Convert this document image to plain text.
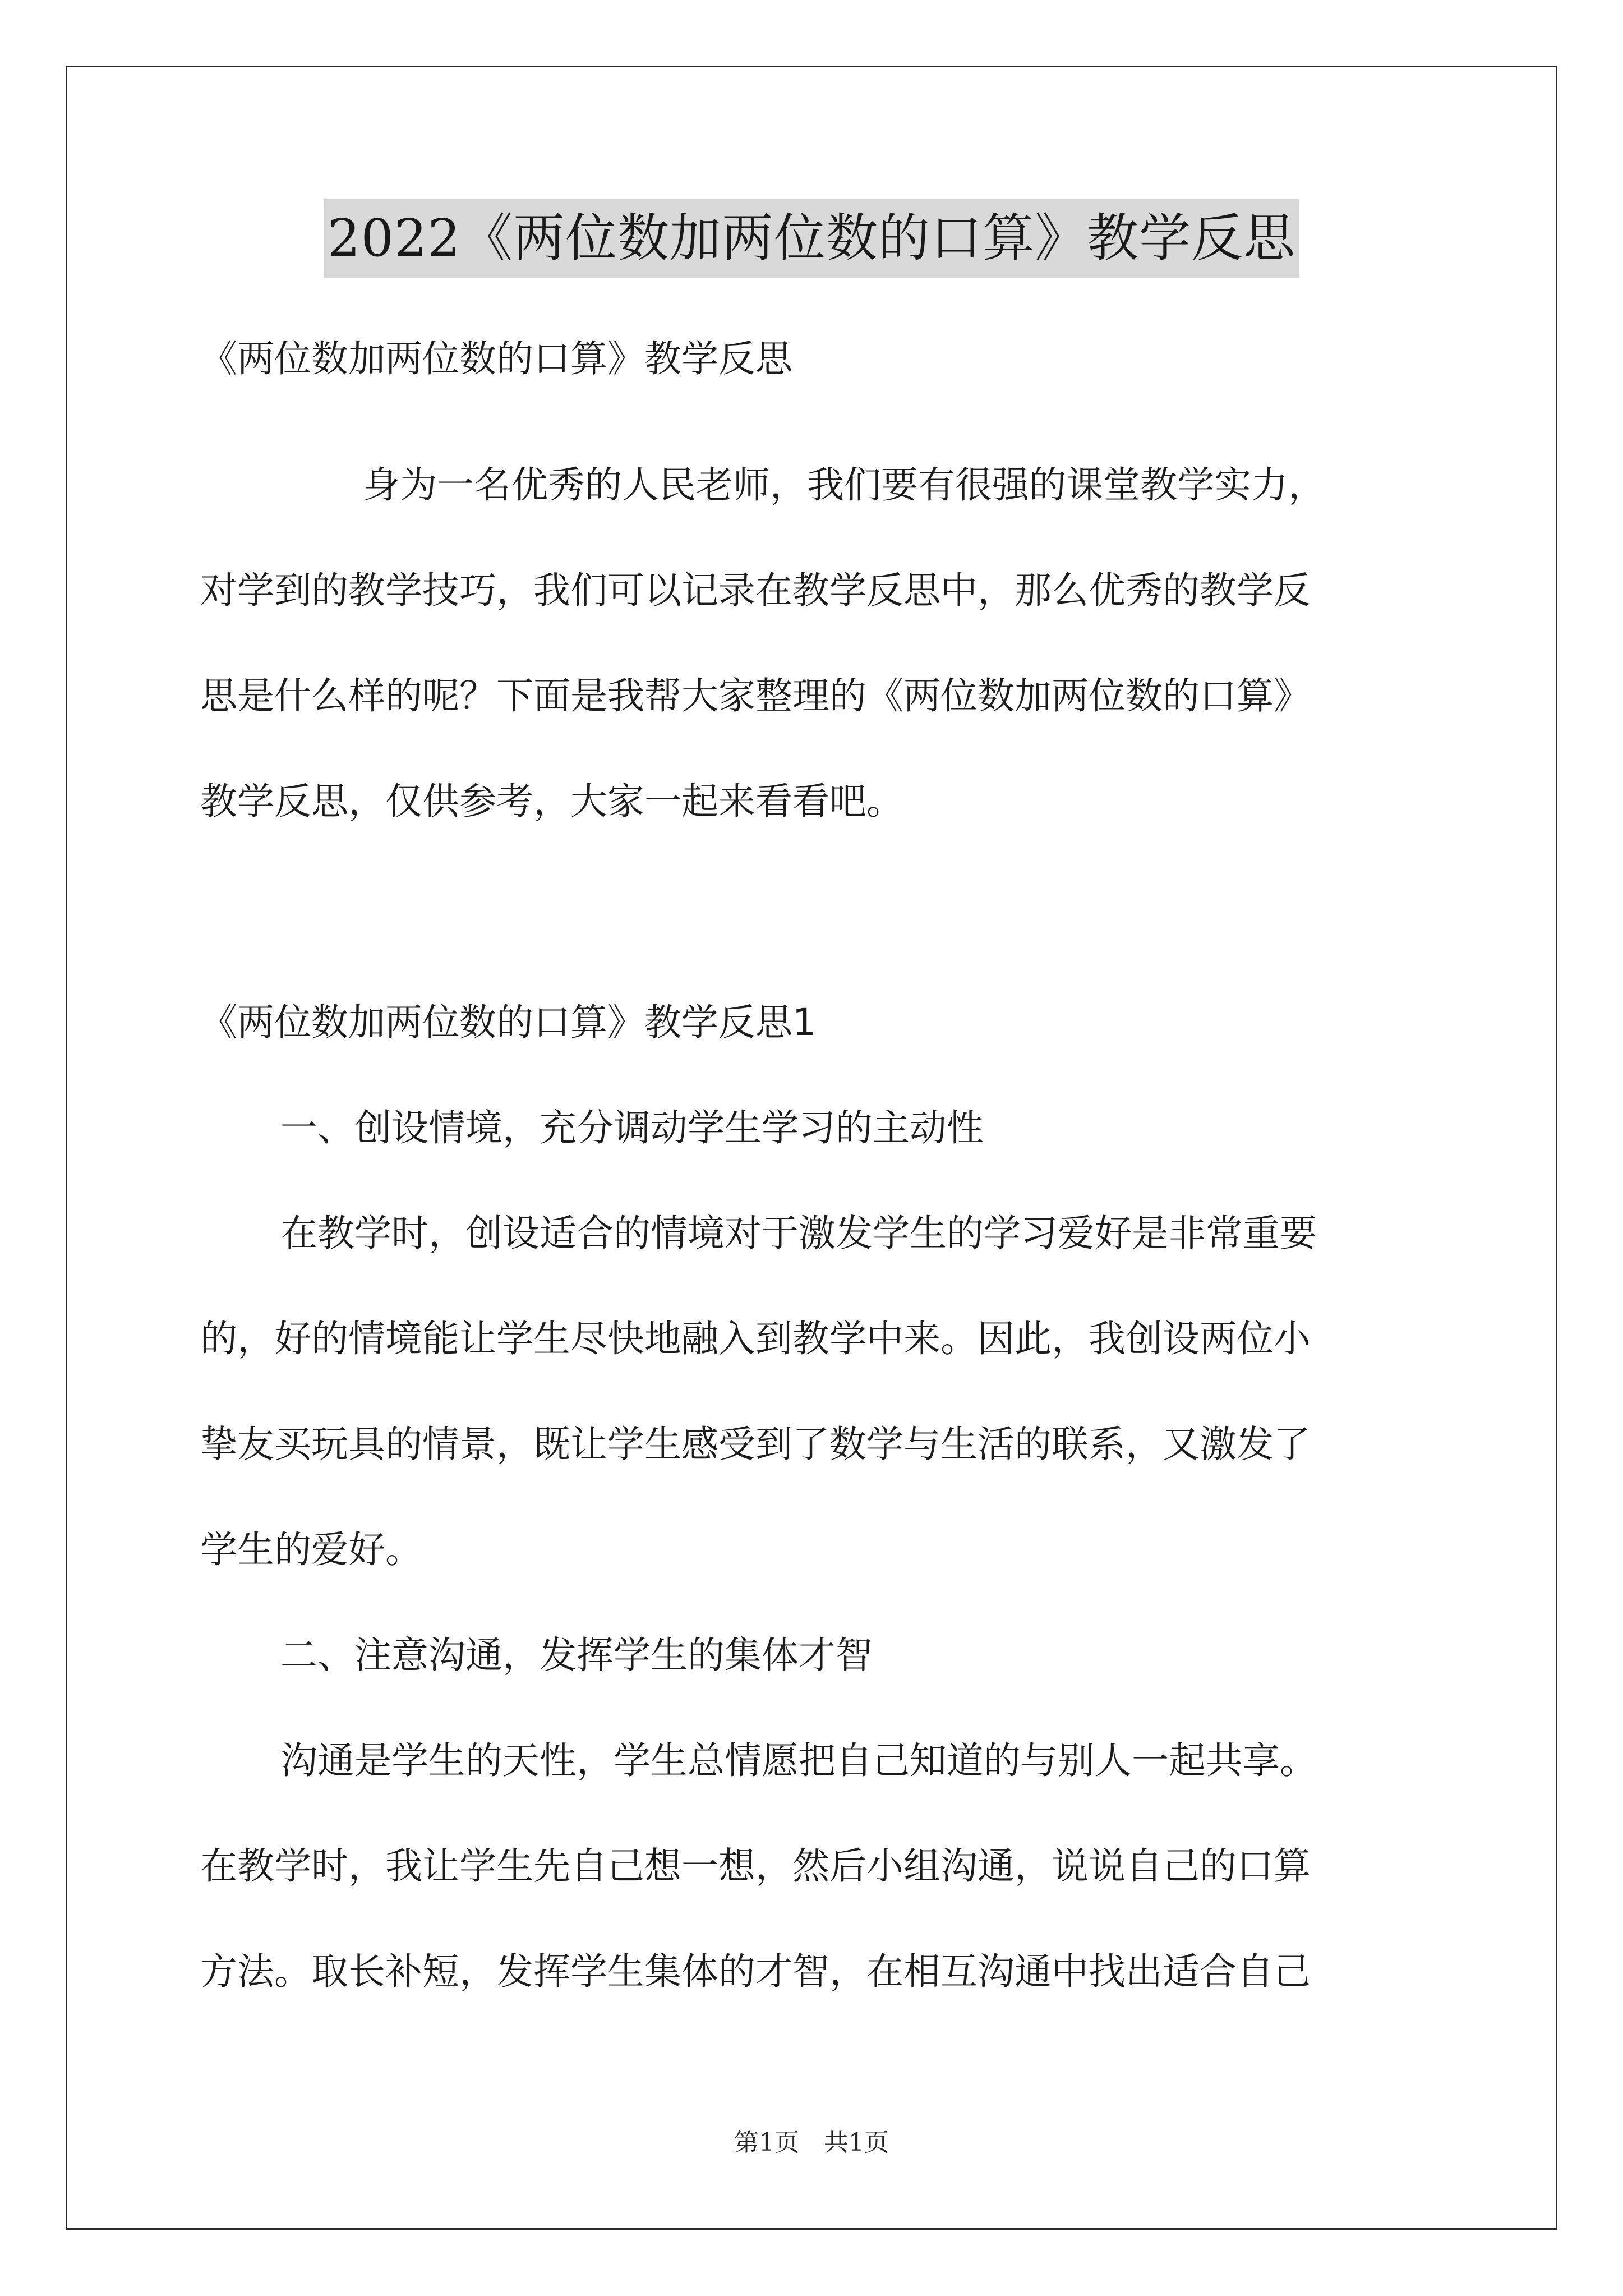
2022《两位数加两位数的口算》教学反思
《两位数加两位数的口算》教学反思
身为一名优秀的人民老师，我们要有很强的课堂教学实力，
对学到的教学技巧，我们可以记录在教学反思中，那么优秀的教学反
思是什么样的呢？下面是我帮大家整理的《两位数加两位数的口算》
教学反思，仅供参考，大家一起来看看吧。
《两位数加两位数的口算》教学反思1
一、创设情境，充分调动学生学习的主动性
在教学时，创设适合的情境对于激发学生的学习爱好是非常重要
的，好的情境能让学生尽快地融入到教学中来。因此，我创设两位小
挚友买玩具的情景，既让学生感受到了数学与生活的联系，又激发了
学生的爱好。
二、注意沟通，发挥学生的集体才智
沟通是学生的天性，学生总情愿把自己知道的与别人一起共享。
在教学时，我让学生先自己想一想，然后小组沟通，说说自己的口算
方法。取长补短，发挥学生集体的才智，在相互沟通中找出适合自己
第1页　共1页
